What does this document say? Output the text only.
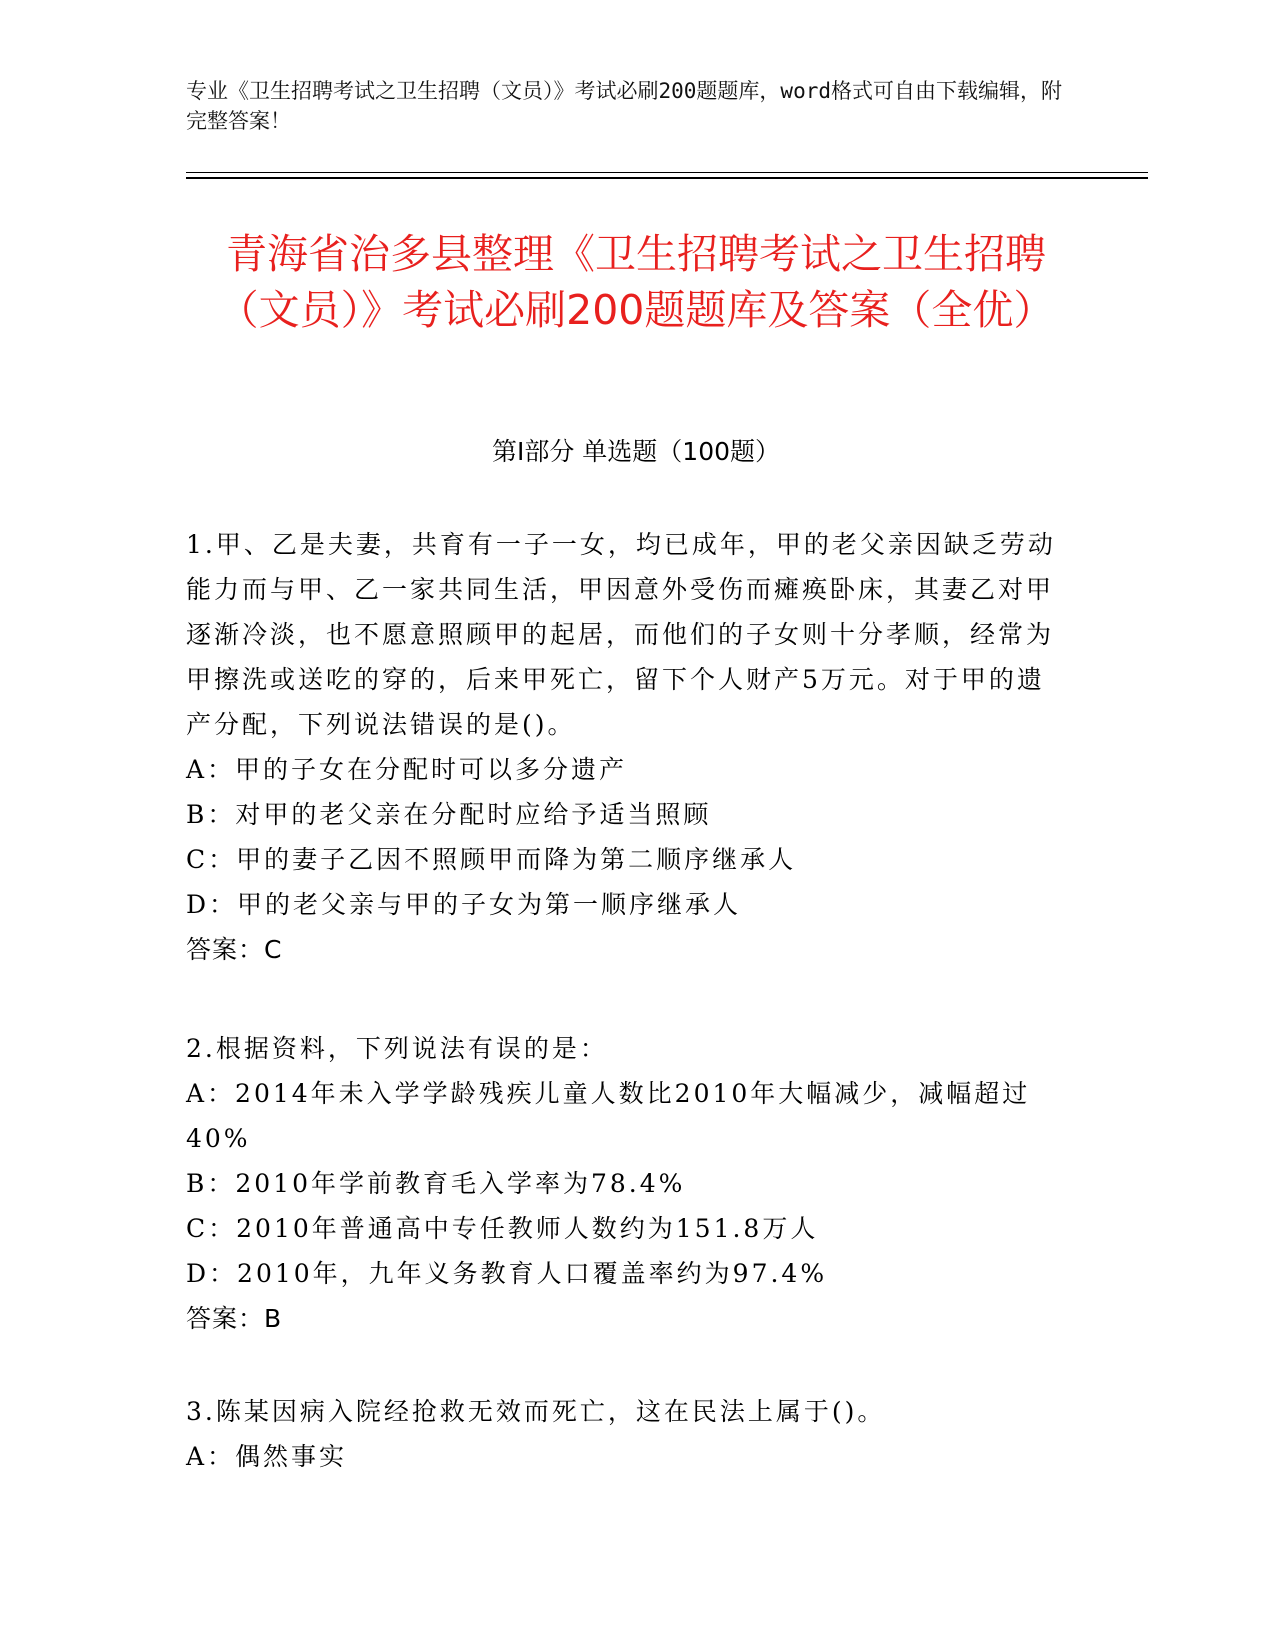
专业《卫生招聘考试之卫生招聘（文员）》考试必刷200题题库，word格式可自由下载编辑，附完整答案！
青海省治多县整理《卫生招聘考试之卫生招聘（文员）》考试必刷200题题库及答案（全优）
第Ⅰ部分 单选题（100题）

1.甲、乙是夫妻，共育有一子一女，均已成年，甲的老父亲因缺乏劳动能力而与甲、乙一家共同生活，甲因意外受伤而瘫痪卧床，其妻乙对甲逐渐冷淡，也不愿意照顾甲的起居，而他们的子女则十分孝顺，经常为甲擦洗或送吃的穿的，后来甲死亡，留下个人财产5万元。对于甲的遗产分配，下列说法错误的是()。

A：甲的子女在分配时可以多分遗产

B：对甲的老父亲在分配时应给予适当照顾

C：甲的妻子乙因不照顾甲而降为第二顺序继承人

D：甲的老父亲与甲的子女为第一顺序继承人

答案：C

2.根据资料，下列说法有误的是：

A：2014年未入学学龄残疾儿童人数比2010年大幅减少，减幅超过40%

B：2010年学前教育毛入学率为78.4%

C：2010年普通高中专任教师人数约为151.8万人

D：2010年，九年义务教育人口覆盖率约为97.4%

答案：B

3.陈某因病入院经抢救无效而死亡，这在民法上属于()。

A：偶然事实
